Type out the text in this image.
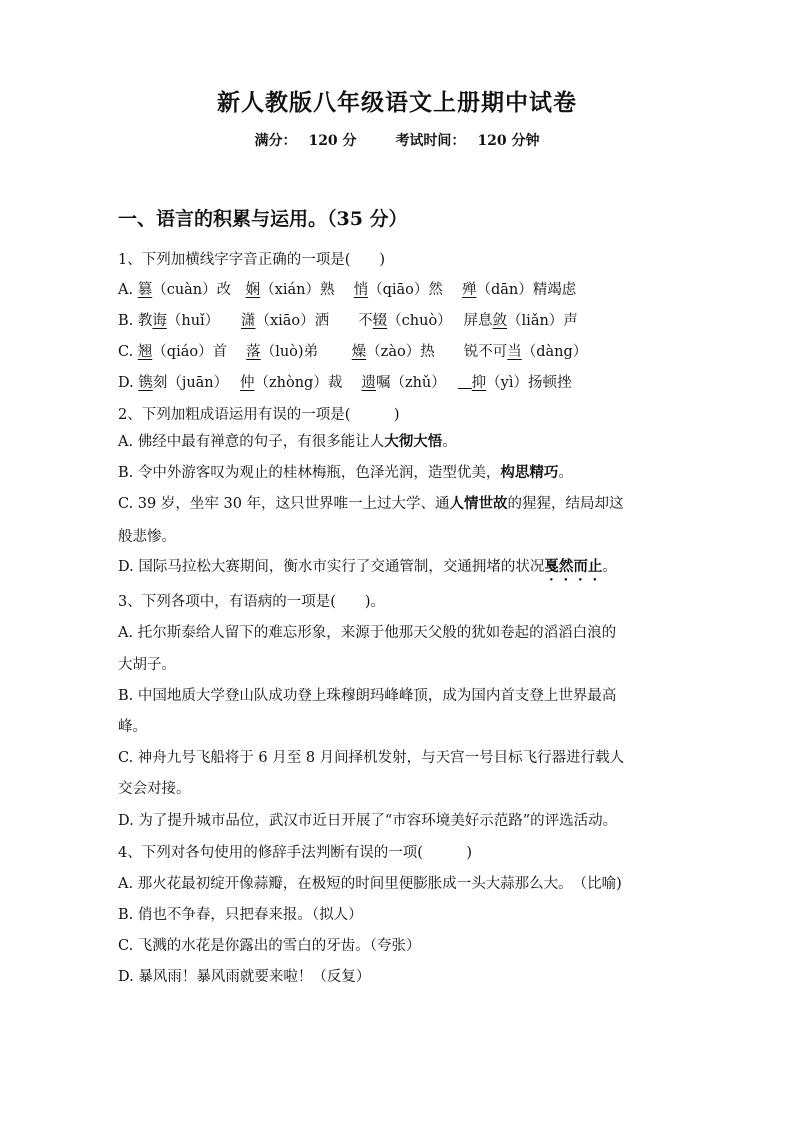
新人教版八年级语文上册期中试卷
满分： 120 分	考试时间： 120 分钟
一、语言的积累与运用。（35 分）
1、下列加横线字字音正确的一项是(　　)
A. 篡（cuàn）改　娴（xián）熟　 悄（qiāo）然　 殚（dān）精竭虑
B. 教诲（huǐ）　　潇（xiāo）洒　　不辍（chuò）　 屏息敛（liǎn）声
C. 翘（qiáo）首　 落（luò)弟　　 燥（zào）热　　锐不可当（dàng）
D. 镌刻（juān）　 仲（zhòng）裁　 遗嘱（zhǔ）　 抑（yì）扬顿挫
2、下列加粗成语运用有误的一项是(　　　)
A. 佛经中最有禅意的句子，有很多能让人大彻大悟。
B. 令中外游客叹为观止的桂林梅瓶，色泽光润，造型优美，构思精巧。
C. 39 岁，坐牢 30 年，这只世界唯一上过大学、通人情世故的猩猩，结局却这
般悲惨。
D. 国际马拉松大赛期间，衡水市实行了交通管制，交通拥堵的状况戛然而止。
3、下列各项中，有语病的一项是(　　)。
A. 托尔斯泰给人留下的难忘形象，来源于他那天父般的犹如卷起的滔滔白浪的
大胡子。
B. 中国地质大学登山队成功登上珠穆朗玛峰峰顶，成为国内首支登上世界最高
峰。
C. 神舟九号飞船将于 6 月至 8 月间择机发射，与天宫一号目标飞行器进行载人
交会对接。
D. 为了提升城市品位，武汉市近日开展了“市容环境美好示范路”的评选活动。
4、下列对各句使用的修辞手法判断有误的一项(　　　)
A. 那火花最初绽开像蒜瓣，在极短的时间里便膨胀成一头大蒜那么大。　（比喻)
B. 俏也不争春，只把春来报。（拟人）
C. 飞溅的水花是你露出的雪白的牙齿。（夸张）
D. 暴风雨！暴风雨就要来啦！（反复）
